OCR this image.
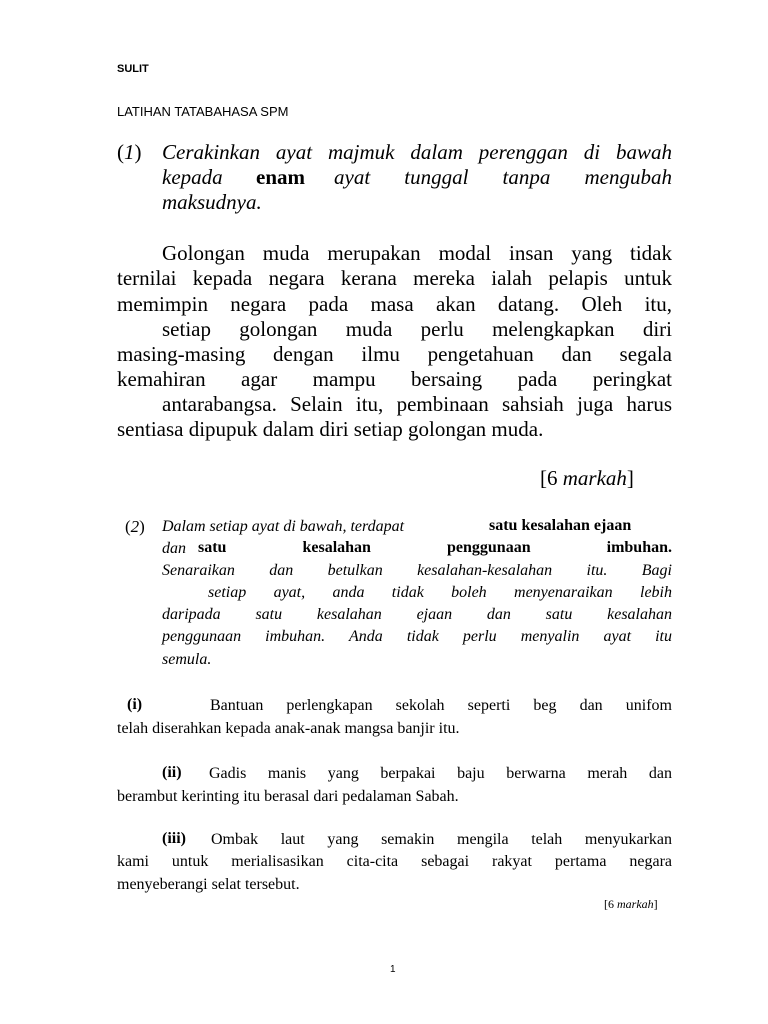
SULIT
LATIHAN TATABAHASA SPM
(1) Cerakinkan ayat majmuk dalam perenggan di bawah
kepada enam ayat tunggal tanpa mengubah
maksudnya.
Golongan muda merupakan modal insan yang tidak
ternilai kepada negara kerana mereka ialah pelapis untuk
memimpin negara pada masa akan datang. Oleh itu,
setiap golongan muda perlu melengkapkan diri
masing-masing dengan ilmu pengetahuan dan segala
kemahiran agar mampu bersaing pada peringkat
antarabangsa. Selain itu, pembinaan sahsiah juga harus
sentiasa dipupuk dalam diri setiap golongan muda.
[6 markah]
(2) Dalam setiap ayat di bawah, terdapat	satu kesalahan ejaan
dan satu kesalahan penggunaan imbuhan.
Senaraikan dan betulkan kesalahan-kesalahan itu. Bagi
setiap ayat, anda tidak boleh menyenaraikan lebih
daripada satu kesalahan ejaan dan satu kesalahan
penggunaan imbuhan. Anda tidak perlu menyalin ayat itu
semula.
(i)	Bantuan perlengkapan sekolah seperti beg dan unifom
telah diserahkan kepada anak-anak mangsa banjir itu.
(ii) Gadis manis yang berpakai baju berwarna merah dan
berambut kerinting itu berasal dari pedalaman Sabah.
(iii) Ombak laut yang semakin mengila telah menyukarkan
kami untuk merialisasikan cita-cita sebagai rakyat pertama negara
menyeberangi selat tersebut.
[6 markah]
1
